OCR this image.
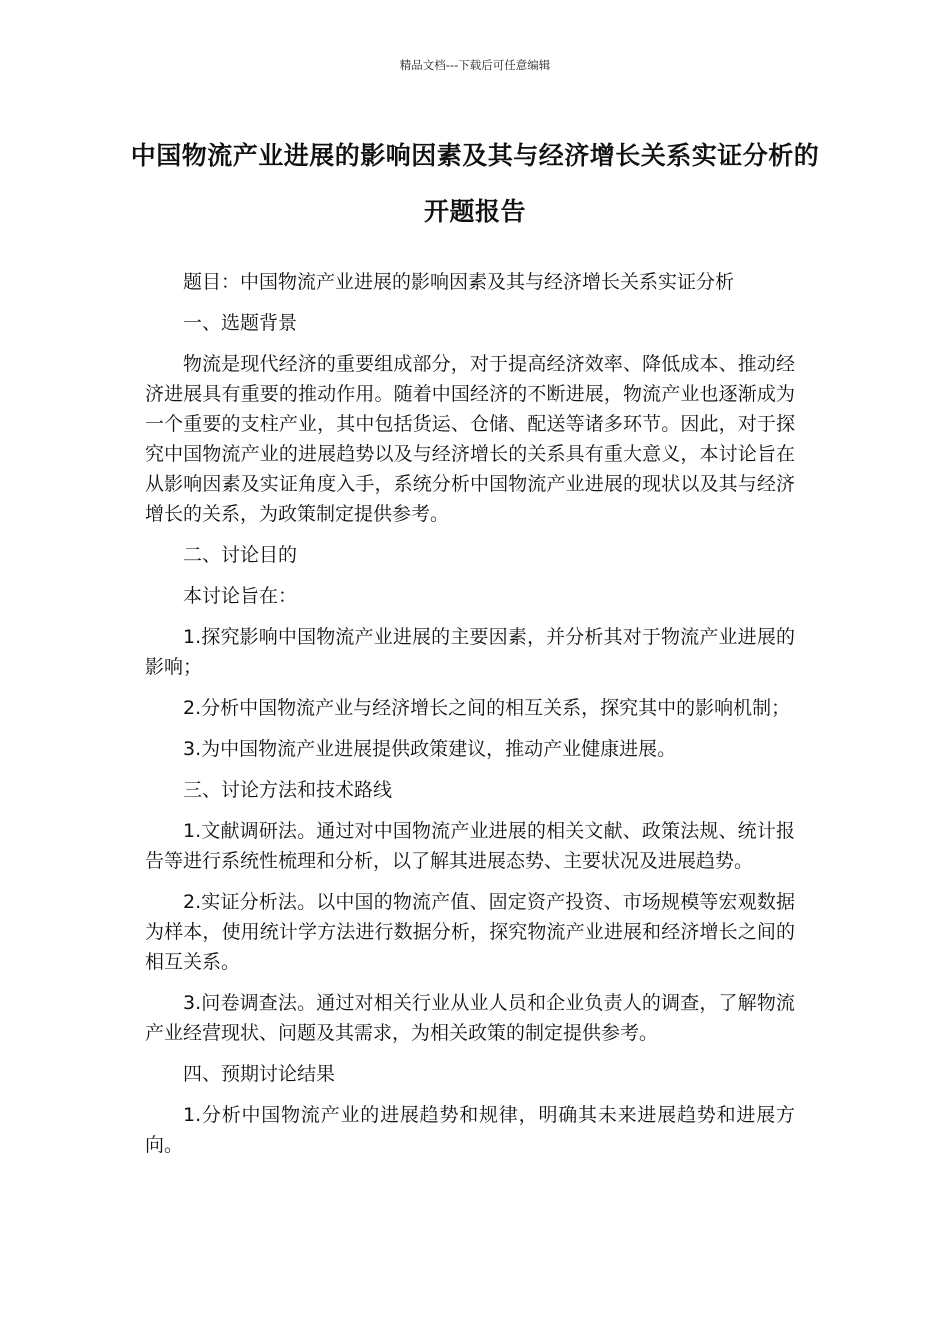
精品文档---下载后可任意编辑
中国物流产业进展的影响因素及其与经济增长关系实证分析的开题报告

题目：中国物流产业进展的影响因素及其与经济增长关系实证分析

一、选题背景

物流是现代经济的重要组成部分，对于提高经济效率、降低成本、推动经济进展具有重要的推动作用。随着中国经济的不断进展，物流产业也逐渐成为一个重要的支柱产业，其中包括货运、仓储、配送等诸多环节。因此，对于探究中国物流产业的进展趋势以及与经济增长的关系具有重大意义，本讨论旨在从影响因素及实证角度入手，系统分析中国物流产业进展的现状以及其与经济增长的关系，为政策制定提供参考。

二、讨论目的

本讨论旨在：

1.探究影响中国物流产业进展的主要因素，并分析其对于物流产业进展的影响；

2.分析中国物流产业与经济增长之间的相互关系，探究其中的影响机制；

3.为中国物流产业进展提供政策建议，推动产业健康进展。

三、讨论方法和技术路线

1.文献调研法。通过对中国物流产业进展的相关文献、政策法规、统计报告等进行系统性梳理和分析，以了解其进展态势、主要状况及进展趋势。

2.实证分析法。以中国的物流产值、固定资产投资、市场规模等宏观数据为样本，使用统计学方法进行数据分析，探究物流产业进展和经济增长之间的相互关系。

3.问卷调查法。通过对相关行业从业人员和企业负责人的调查，了解物流产业经营现状、问题及其需求，为相关政策的制定提供参考。

四、预期讨论结果

1.分析中国物流产业的进展趋势和规律，明确其未来进展趋势和进展方向。
